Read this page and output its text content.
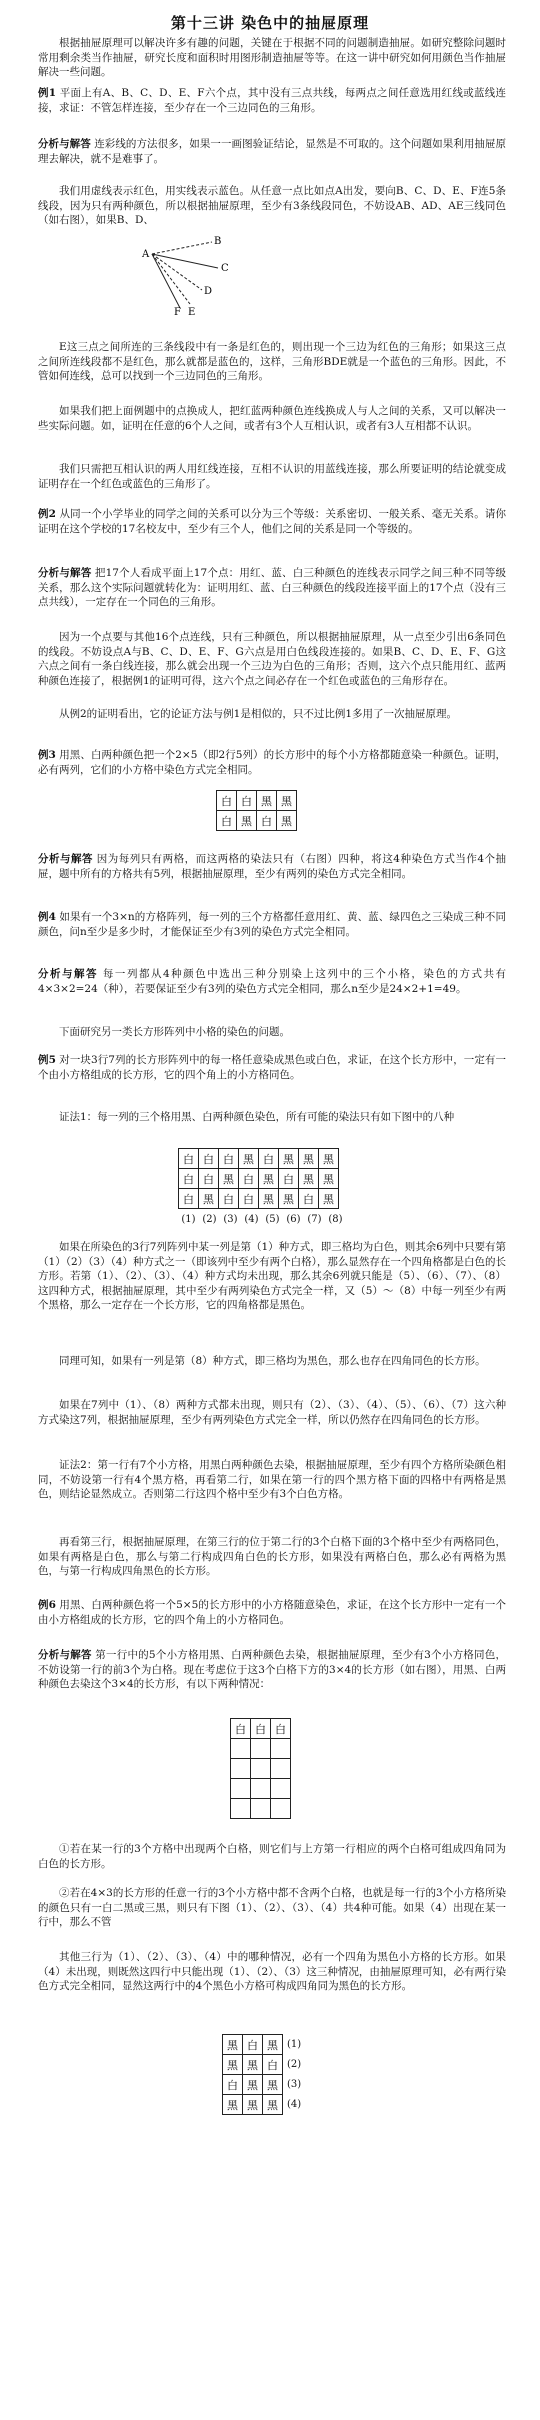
第十三讲 染色中的抽屉原理

根据抽屉原理可以解决许多有趣的问题，关键在于根据不同的问题制造抽屉。如研究整除问题时常用剩余类当作抽屉，研究长度和面积时用图形制造抽屉等等。在这一讲中研究如何用颜色当作抽屉解决一些问题。

例1 平面上有A、B、C、D、E、F六个点，其中没有三点共线，每两点之间任意选用红线或蓝线连接，求证：不管怎样连接，至少存在一个三边同色的三角形。

分析与解答 连彩线的方法很多，如果一一画图验证结论，显然是不可取的。这个问题如果利用抽屉原理去解决，就不是难事了。

我们用虚线表示红色，用实线表示蓝色。从任意一点比如点A出发，要向B、C、D、E、F连5条线段，因为只有两种颜色，所以根据抽屉原理，至少有3条线段同色，不妨设AB、AD、AE三线同色（如右图），如果B、D、

A
B
C
D
E
F

E这三点之间所连的三条线段中有一条是红色的，则出现一个三边为红色的三角形；如果这三点之间所连线段都不是红色，那么就都是蓝色的，这样，三角形BDE就是一个蓝色的三角形。因此，不管如何连线，总可以找到一个三边同色的三角形。

如果我们把上面例题中的点换成人，把红蓝两种颜色连线换成人与人之间的关系，又可以解决一些实际问题。如，证明在任意的6个人之间，或者有3个人互相认识，或者有3人互相都不认识。

我们只需把互相认识的两人用红线连接，互相不认识的用蓝线连接，那么所要证明的结论就变成证明存在一个红色或蓝色的三角形了。

例2 从同一个小学毕业的同学之间的关系可以分为三个等级：关系密切、一般关系、毫无关系。请你证明在这个学校的17名校友中，至少有三个人，他们之间的关系是同一个等级的。

分析与解答 把17个人看成平面上17个点：用红、蓝、白三种颜色的连线表示同学之间三种不同等级关系，那么这个实际问题就转化为：证明用红、蓝、白三种颜色的线段连接平面上的17个点（没有三点共线），一定存在一个同色的三角形。

因为一个点要与其他16个点连线，只有三种颜色，所以根据抽屉原理，从一点至少引出6条同色的线段。不妨设点A与B、C、D、E、F、G六点是用白色线段连接的。如果B、C、D、E、F、G这六点之间有一条白线连接，那么就会出现一个三边为白色的三角形；否则，这六个点只能用红、蓝两种颜色连接了，根据例1的证明可得，这六个点之间必存在一个红色或蓝色的三角形存在。

从例2的证明看出，它的论证方法与例1是相似的，只不过比例1多用了一次抽屉原理。

例3 用黑、白两种颜色把一个2×5（即2行5列）的长方形中的每个小方格都随意染一种颜色。证明，必有两列，它们的小方格中染色方式完全相同。

白	白	黑	黑
白	黑	白	黑

分析与解答 因为每列只有两格，而这两格的染法只有（右图）四种，将这4种染色方式当作4个抽屉，题中所有的方格共有5列，根据抽屉原理，至少有两列的染色方式完全相同。

例4 如果有一个3×n的方格阵列，每一列的三个方格都任意用红、黄、蓝、绿四色之三染成三种不同颜色，问n至少是多少时，才能保证至少有3列的染色方式完全相同。

分析与解答 每一列都从4种颜色中选出三种分别染上这列中的三个小格，染色的方式共有4×3×2=24（种），若要保证至少有3列的染色方式完全相同，那么n至少是24×2+1=49。

下面研究另一类长方形阵列中小格的染色的问题。

例5 对一块3行7列的长方形阵列中的每一格任意染成黑色或白色，求证，在这个长方形中，一定有一个由小方格组成的长方形，它的四个角上的小方格同色。

证法1：每一列的三个格用黑、白两种颜色染色，所有可能的染法只有如下图中的八种

白	白	白	黑	白	黑	黑	黑
白	白	黑	白	黑	白	黑	黑
白	黑	白	白	黑	黑	白	黑
(1) (2) (3) (4) (5) (6) (7) (8)

如果在所染色的3行7列阵列中某一列是第（1）种方式，即三格均为白色，则其余6列中只要有第（1）（2）（3）（4）种方式之一（即该列中至少有两个白格），那么显然存在一个四角格都是白色的长方形。若第（1）、（2）、（3）、（4）种方式均未出现，那么其余6列就只能是（5）、（6）、（7）、（8）这四种方式，根据抽屉原理，其中至少有两列染色方式完全一样，又（5）～（8）中每一列至少有两个黑格，那么一定存在一个长方形，它的四角格都是黑色。

同理可知，如果有一列是第（8）种方式，即三格均为黑色，那么也存在四角同色的长方形。

如果在7列中（1）、（8）两种方式都未出现，则只有（2）、（3）、（4）、（5）、（6）、（7）这六种方式染这7列，根据抽屉原理，至少有两列染色方式完全一样，所以仍然存在四角同色的长方形。

证法2：第一行有7个小方格，用黑白两种颜色去染，根据抽屉原理，至少有四个方格所染颜色相同，不妨设第一行有4个黑方格，再看第二行，如果在第一行的四个黑方格下面的四格中有两格是黑色，则结论显然成立。否则第二行这四个格中至少有3个白色方格。

再看第三行，根据抽屉原理，在第三行的位于第二行的3个白格下面的3个格中至少有两格同色，如果有两格是白色，那么与第二行构成四角白色的长方形，如果没有两格白色，那么必有两格为黑色，与第一行构成四角黑色的长方形。

例6 用黑、白两种颜色将一个5×5的长方形中的小方格随意染色，求证，在这个长方形中一定有一个由小方格组成的长方形，它的四个角上的小方格同色。

分析与解答 第一行中的5个小方格用黑、白两种颜色去染，根据抽屉原理，至少有3个小方格同色，不妨设第一行的前3个为白格。现在考虑位于这3个白格下方的3×4的长方形（如右图），用黑、白两种颜色去染这个3×4的长方形，有以下两种情况：

白	白	白

①若在某一行的3个方格中出现两个白格，则它们与上方第一行相应的两个白格可组成四角同为白色的长方形。

②若在4×3的长方形的任意一行的3个小方格中都不含两个白格，也就是每一行的3个小方格所染的颜色只有一白二黑或三黑，则只有下图（1）、（2）、（3）、（4）共4种可能。如果（4）出现在某一行中，那么不管

其他三行为（1）、（2）、（3）、（4）中的哪种情况，必有一个四角为黑色小方格的长方形。如果（4）未出现，则既然这四行中只能出现（1）、（2）、（3）这三种情况，由抽屉原理可知，必有两行染色方式完全相同，显然这两行中的4个黑色小方格可构成四角同为黑色的长方形。

黑	白	黑	(1)
黑	黑	白	(2)
白	黑	黑	(3)
黑	黑	黑	(4)
